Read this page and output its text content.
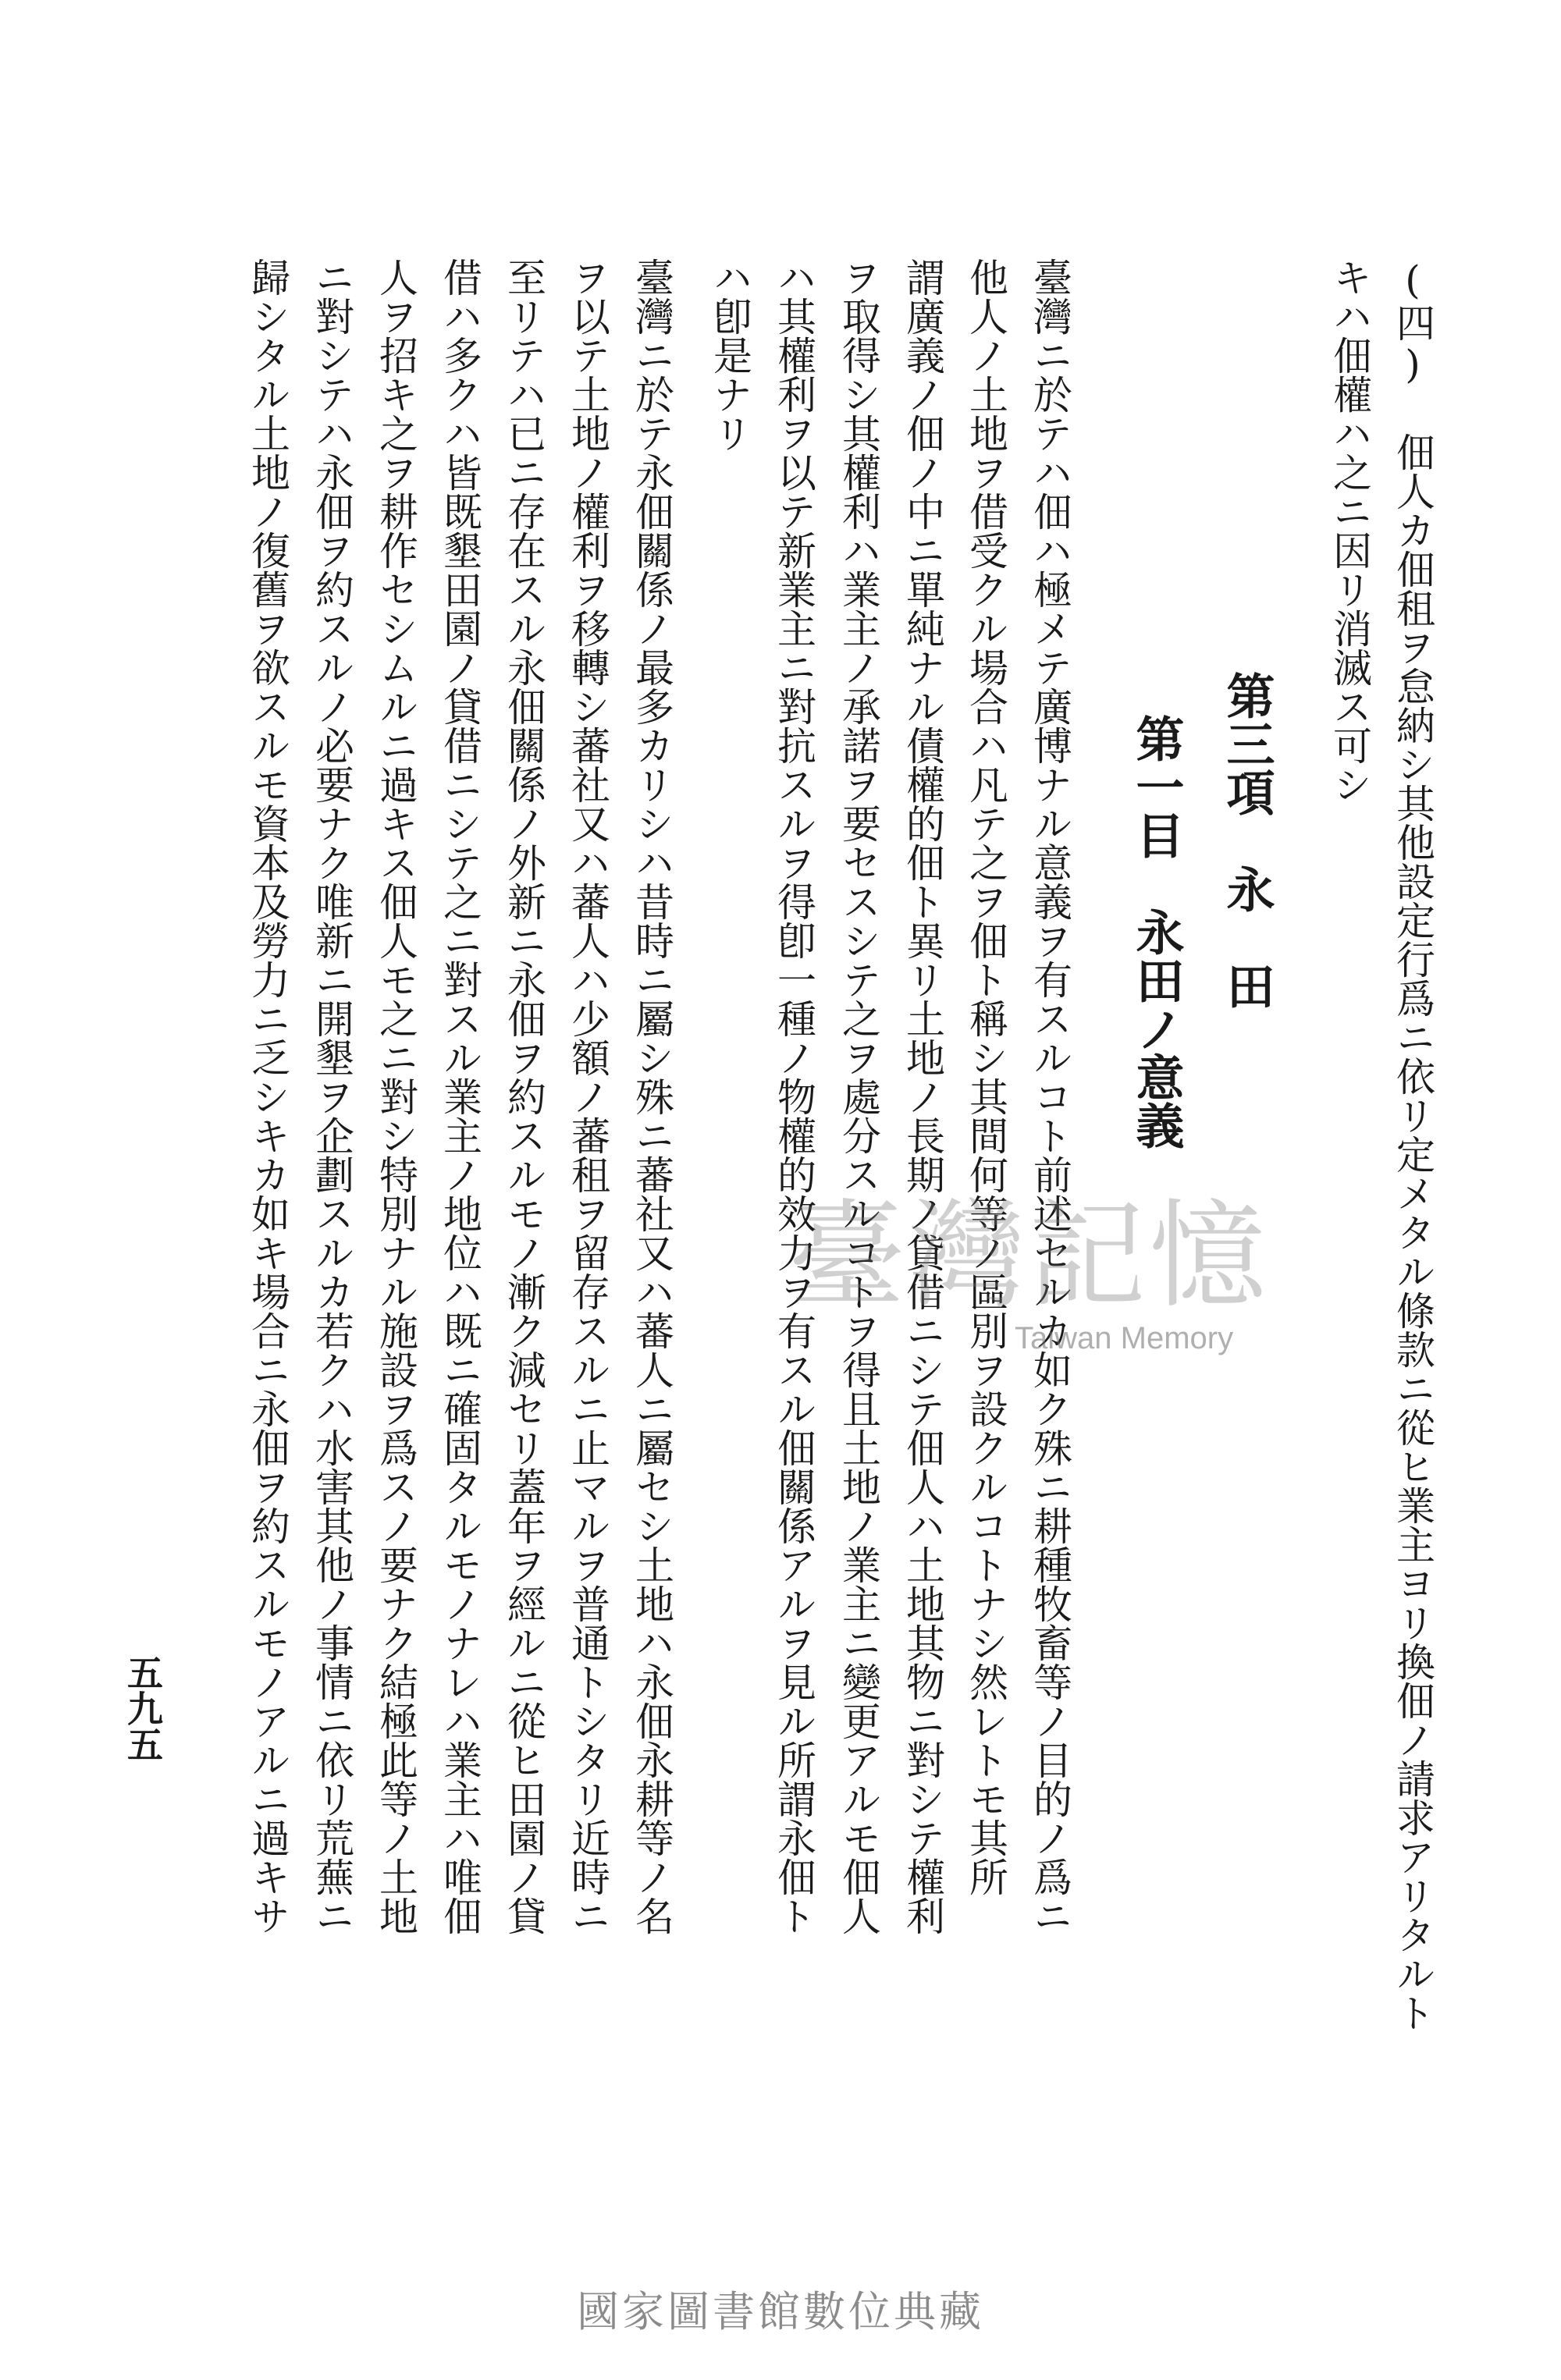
(四) 佃人カ佃租ヲ怠納シ其他設定行爲ニ依リ定メタル條款ニ從ヒ業主ヨリ換佃ノ請求アリタルト
キハ佃權ハ之ニ因リ消滅ス可シ
第三項　永　田
第一目　永田ノ意義
臺灣ニ於テハ佃ハ極メテ廣博ナル意義ヲ有スルコト前述セルカ如ク殊ニ耕種牧畜等ノ目的ノ爲ニ
他人ノ土地ヲ借受クル場合ハ凡テ之ヲ佃ト稱シ其間何等ノ區別ヲ設クルコトナシ然レトモ其所
謂廣義ノ佃ノ中ニ單純ナル債權的佃ト異リ土地ノ長期ノ貸借ニシテ佃人ハ土地其物ニ對シテ權利
ヲ取得シ其權利ハ業主ノ承諾ヲ要セスシテ之ヲ處分スルコトヲ得且土地ノ業主ニ變更アルモ佃人
ハ其權利ヲ以テ新業主ニ對抗スルヲ得卽一種ノ物權的效力ヲ有スル佃關係アルヲ見ル所謂永佃ト
ハ卽是ナリ
臺灣ニ於テ永佃關係ノ最多カリシハ昔時ニ屬シ殊ニ蕃社又ハ蕃人ニ屬セシ土地ハ永佃永耕等ノ名
ヲ以テ土地ノ權利ヲ移轉シ蕃社又ハ蕃人ハ少額ノ蕃租ヲ留存スルニ止マルヲ普通トシタリ近時ニ
至リテハ已ニ存在スル永佃關係ノ外新ニ永佃ヲ約スルモノ漸ク減セリ蓋年ヲ經ルニ從ヒ田園ノ貸
借ハ多クハ皆既墾田園ノ貸借ニシテ之ニ對スル業主ノ地位ハ既ニ確固タルモノナレハ業主ハ唯佃
人ヲ招キ之ヲ耕作セシムルニ過キス佃人モ之ニ對シ特別ナル施設ヲ爲スノ要ナク結極此等ノ土地
ニ對シテハ永佃ヲ約スルノ必要ナク唯新ニ開墾ヲ企劃スルカ若クハ水害其他ノ事情ニ依リ荒蕪ニ
歸シタル土地ノ復舊ヲ欲スルモ資本及勞力ニ乏シキカ如キ場合ニ永佃ヲ約スルモノアルニ過キサ
五九五
臺灣記憶
Taiwan Memory
國家圖書館數位典藏
